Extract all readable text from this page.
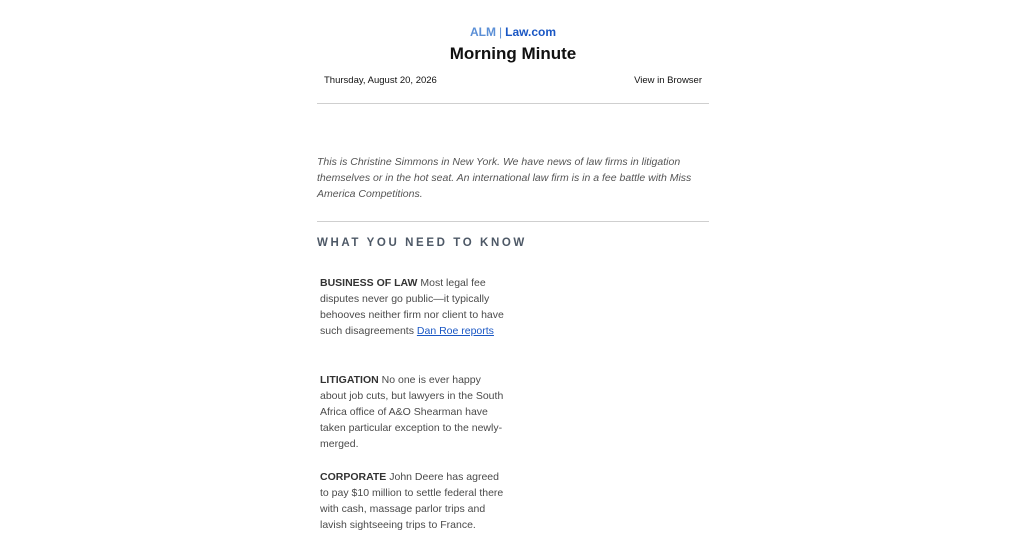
ALM | Law.com
Morning Minute
Thursday, August 20, 2026	View in Browser
This is Christine Simmons in New York. We have news of law firms in litigation themselves or in the hot seat. An international law firm is in a fee battle with Miss America Competitions.
WHAT YOU NEED TO KNOW
BUSINESS OF LAW Most legal fee disputes never go public—it typically behooves neither firm nor client to have such disagreements Dan Roe reports
LITIGATION No one is ever happy about job cuts, but lawyers in the South Africa office of A&O Shearman have taken particular exception to the newly-merged.
CORPORATE John Deere has agreed to pay $10 million to settle federal there with cash, massage parlor trips and lavish sightseeing trips to France.
